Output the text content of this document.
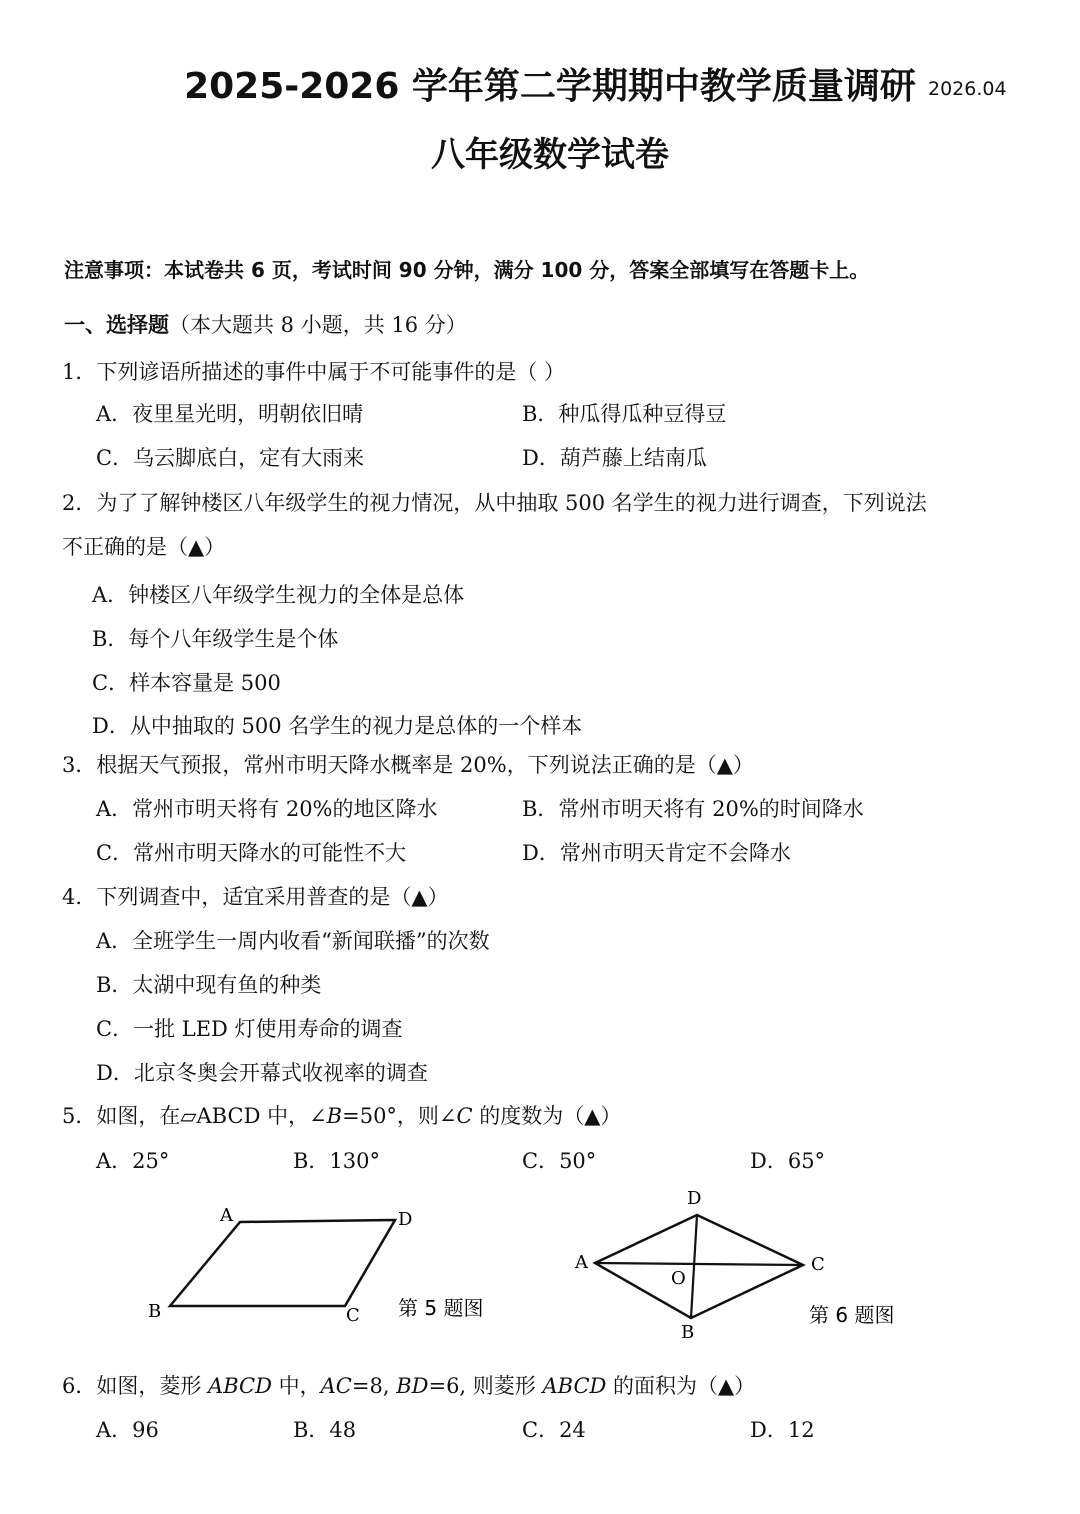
2025-2026 学年第二学期期中教学质量调研 2026.04
八年级数学试卷
注意事项：本试卷共 6 页，考试时间 90 分钟，满分 100 分，答案全部填写在答题卡上。
一、选择题（本大题共 8 小题，共 16 分）
1．下列谚语所描述的事件中属于不可能事件的是（ ）
A．夜里星光明，明朝依旧晴	B．种瓜得瓜种豆得豆
C．乌云脚底白，定有大雨来	D．葫芦藤上结南瓜
2．为了了解钟楼区八年级学生的视力情况，从中抽取 500 名学生的视力进行调查，下列说法
不正确的是（▲）
A．钟楼区八年级学生视力的全体是总体
B．每个八年级学生是个体
C．样本容量是 500
D．从中抽取的 500 名学生的视力是总体的一个样本
3．根据天气预报，常州市明天降水概率是 20%，下列说法正确的是（▲）
A．常州市明天将有 20%的地区降水	B．常州市明天将有 20%的时间降水
C．常州市明天降水的可能性不大	D．常州市明天肯定不会降水
4．下列调查中，适宜采用普查的是（▲）
A．全班学生一周内收看“新闻联播”的次数
B．太湖中现有鱼的种类
C．一批 LED 灯使用寿命的调查
D．北京冬奥会开幕式收视率的调查
5．如图，在▱ABCD 中，∠B=50°，则∠C 的度数为（▲）
A．25°	B．130°	C．50°	D．65°
A	D
B	C 第 5 题图
D
A	C
O
B
第 6 题图
6．如图，菱形 ABCD 中，AC=8, BD=6, 则菱形 ABCD 的面积为（▲）
A．96	B．48	C．24	D．12
